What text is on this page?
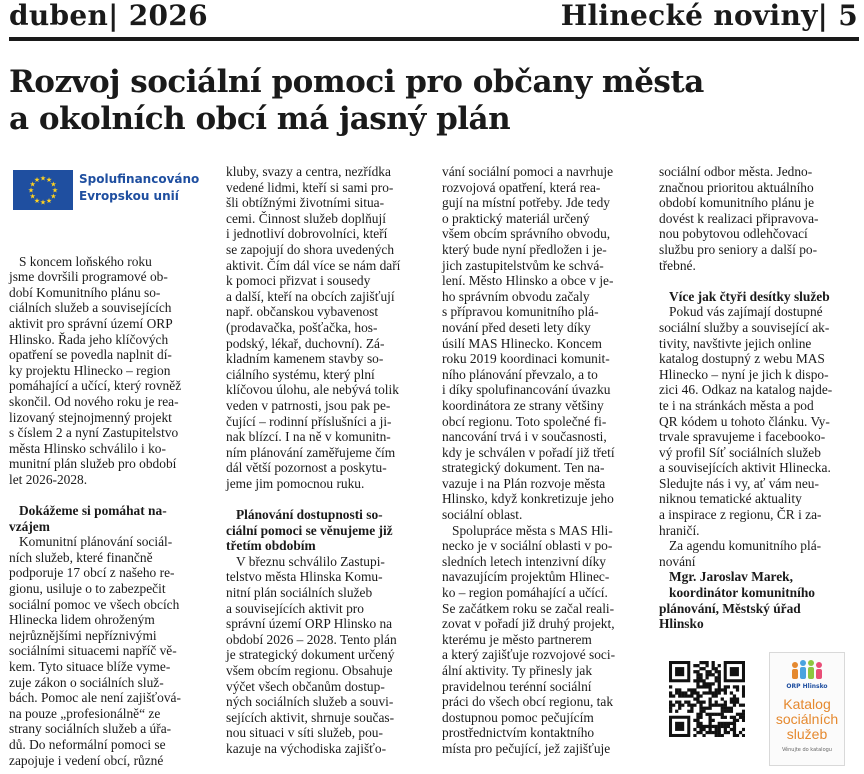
duben| 2026	Hlinecké noviny| 5
Rozvoj sociální pomoci pro občany města
a okolních obcí má jasný plán
★
★
★
★
★
★
★
★
★ ★ ★
★ Spolufinancováno
Evropskou unií
S koncem loňského roku
jsme dovršili programové ob-
dobí Komunitního plánu so-
ciálních služeb a souvisejících
aktivit pro správní území ORP
Hlinsko. Řada jeho klíčových
opatření se povedla naplnit dí-
ky projektu Hlinecko – region
pomáhající a učící, který rovněž
skončil. Od nového roku je rea-
lizovaný stejnojmenný projekt
s číslem 2 a nyní Zastupitelstvo
města Hlinsko schválilo i ko-
munitní plán služeb pro období
let 2026-2028.
Dokážeme si pomáhat na-
vzájem
Komunitní plánování sociál-
ních služeb, které finančně
podporuje 17 obcí z našeho re-
gionu, usiluje o to zabezpečit
sociální pomoc ve všech obcích
Hlinecka lidem ohroženým
nejrůznějšími nepříznivými
sociálními situacemi napříč vě-
kem. Tyto situace blíže vyme-
zuje zákon o sociálních služ-
bách. Pomoc ale není zajišťová-
na pouze „profesionálně“ ze
strany sociálních služeb a úřa-
dů. Do neformální pomoci se
zapojuje i vedení obcí, různé
kluby, svazy a centra, nezřídka
vedené lidmi, kteří si sami pro-
šli obtížnými životními situa-
cemi. Činnost služeb doplňují
i jednotliví dobrovolníci, kteří
se zapojují do shora uvedených
aktivit. Čím dál více se nám daří
k pomoci přizvat i sousedy
a další, kteří na obcích zajišťují
např. občanskou vybavenost
(prodavačka, pošťačka, hos-
podský, lékař, duchovní). Zá-
kladním kamenem stavby so-
ciálního systému, který plní
klíčovou úlohu, ale nebývá tolik
veden v patrnosti, jsou pak pe-
čující – rodinní příslušníci a ji-
nak blízcí. I na ně v komunitn-
ním plánování zaměřujeme čím
dál větší pozornost a poskytu-
jeme jim pomocnou ruku.
Plánování dostupnosti so-
ciální pomoci se věnujeme již
třetím obdobím
V březnu schválilo Zastupi-
telstvo města Hlinska Komu-
nitní plán sociálních služeb
a souvisejících aktivit pro
správní území ORP Hlinsko na
období 2026 – 2028. Tento plán
je strategický dokument určený
všem obcím regionu. Obsahuje
výčet všech občanům dostup-
ných sociálních služeb a souvi-
sejících aktivit, shrnuje součas-
nou situaci v síti služeb, pou-
kazuje na východiska zajišťo-
vání sociální pomoci a navrhuje
rozvojová opatření, která rea-
gují na místní potřeby. Jde tedy
o praktický materiál určený
všem obcím správního obvodu,
který bude nyní předložen i je-
jich zastupitelstvům ke schvá-
lení. Město Hlinsko a obce v je-
ho správním obvodu začaly
s přípravou komunitního plá-
nování před deseti lety díky
úsilí MAS Hlinecko. Koncem
roku 2019 koordinaci komunit-
ního plánování převzalo, a to
i díky spolufinancování úvazku
koordinátora ze strany většiny
obcí regionu. Toto společné fi-
nancování trvá i v současnosti,
kdy je schválen v pořadí již třetí
strategický dokument. Ten na-
vazuje i na Plán rozvoje města
Hlinsko, když konkretizuje jeho
sociální oblast.
Spolupráce města s MAS Hli-
necko je v sociální oblasti v po-
sledních letech intenzivní díky
navazujícím projektům Hlinec-
ko – region pomáhající a učící.
Se začátkem roku se začal reali-
zovat v pořadí již druhý projekt,
kterému je město partnerem
a který zajišťuje rozvojové soci-
ální aktivity. Ty přinesly jak
pravidelnou terénní sociální
práci do všech obcí regionu, tak
dostupnou pomoc pečujícím
prostřednictvím kontaktního
místa pro pečující, jež zajišťuje
sociální odbor města. Jedno-
značnou prioritou aktuálního
období komunitního plánu je
dovést k realizaci připravova-
nou pobytovou odlehčovací
službu pro seniory a další po-
třebné.
Více jak čtyři desítky služeb
Pokud vás zajímají dostupné
sociální služby a související ak-
tivity, navštivte jejich online
katalog dostupný z webu MAS
Hlinecko – nyní je jich k dispo-
zici 46. Odkaz na katalog najde-
te i na stránkách města a pod
QR kódem u tohoto článku. Vy-
trvale spravujeme i facebooko-
vý profil Síť sociálních služeb
a souvisejících aktivit Hlinecka.
Sledujte nás i vy, ať vám neu-
niknou tematické aktuality
a inspirace z regionu, ČR i za-
hraničí.
Za agendu komunitního plá-
nování
Mgr. Jaroslav Marek,
koordinátor komunitního
plánování, Městský úřad
Hlinsko
ORP Hlinsko
Katalog sociálních služeb
Věnujte do katalogu
